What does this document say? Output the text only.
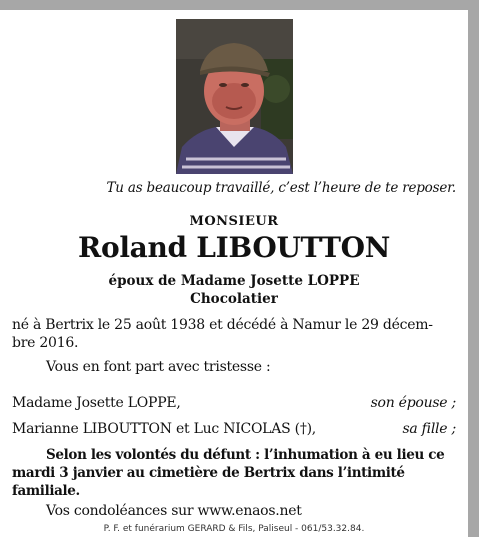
Tu as beaucoup travaillé, c’est l’heure de te reposer.
MONSIEUR
Roland LIBOUTTON
époux de Madame Josette LOPPE
Chocolatier
né à Bertrix le 25 août 1938 et décédé à Namur le 29 décem-
bre 2016.
Vous en font part avec tristesse :
Madame Josette LOPPE,	son épouse ;
Marianne LIBOUTTON et Luc NICOLAS (†),	sa fille ;
Selon les volontés du défunt : l’inhumation à eu lieu ce mardi 3 janvier au cimetière de Bertrix dans l’intimité familiale.
Vos condoléances sur www.enaos.net
P. F. et funérarium GERARD & Fils, Paliseul - 061/53.32.84.
